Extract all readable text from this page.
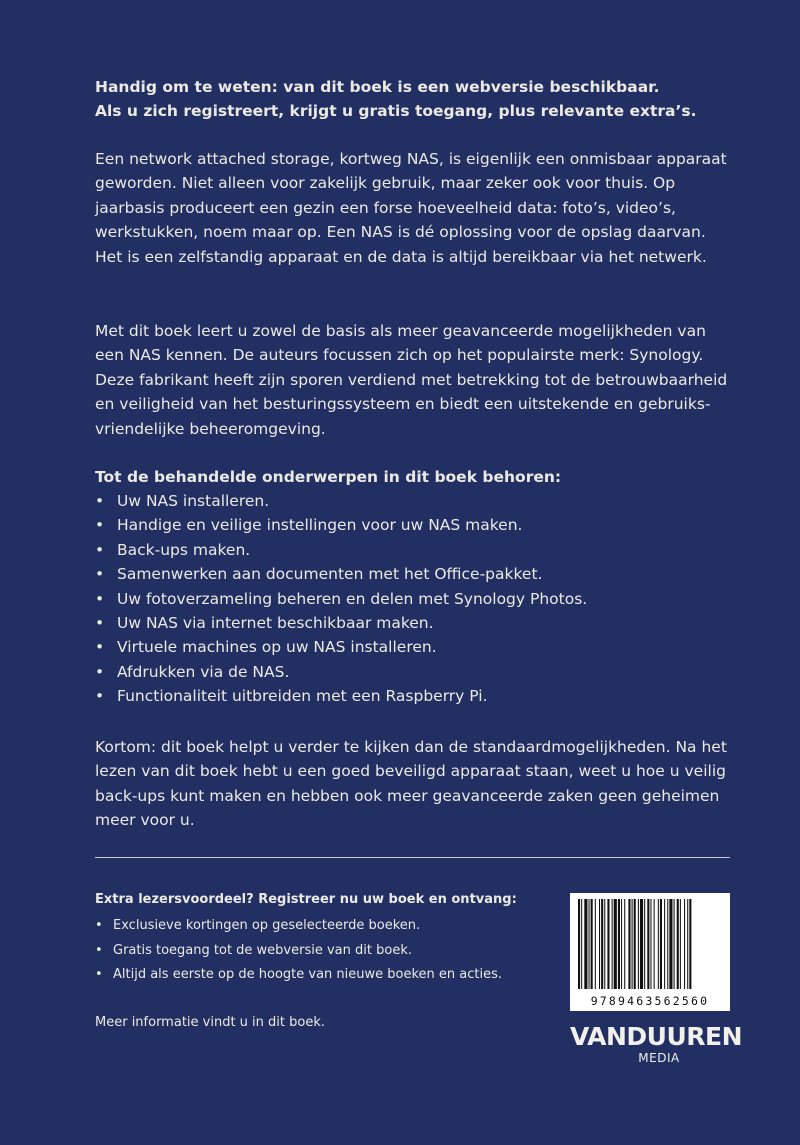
Handig om te weten: van dit boek is een webversie beschikbaar.
Als u zich registreert, krijgt u gratis toegang, plus relevante extra’s.

Een network attached storage, kortweg NAS, is eigenlijk een onmisbaar apparaat geworden. Niet alleen voor zakelijk gebruik, maar zeker ook voor thuis. Op jaarbasis produceert een gezin een forse hoeveelheid data: foto’s, video’s, werkstukken, noem maar op. Een NAS is dé oplossing voor de opslag daarvan. Het is een zelfstandig apparaat en de data is altijd bereikbaar via het netwerk.

Met dit boek leert u zowel de basis als meer geavanceerde mogelijkheden van een NAS kennen. De auteurs focussen zich op het populairste merk: Synology. Deze fabrikant heeft zijn sporen verdiend met betrekking tot de betrouwbaarheid en veiligheid van het besturingssysteem en biedt een uitstekende en gebruiks-vriendelijke beheeromgeving.

Tot de behandelde onderwerpen in dit boek behoren:

• Uw NAS installeren.
• Handige en veilige instellingen voor uw NAS maken.
• Back-ups maken.
• Samenwerken aan documenten met het Office-pakket.
• Uw fotoverzameling beheren en delen met Synology Photos.
• Uw NAS via internet beschikbaar maken.
• Virtuele machines op uw NAS installeren.
• Afdrukken via de NAS.
• Functionaliteit uitbreiden met een Raspberry Pi.

Kortom: dit boek helpt u verder te kijken dan de standaardmogelijkheden. Na het lezen van dit boek hebt u een goed beveiligd apparaat staan, weet u hoe u veilig back-ups kunt maken en hebben ook meer geavanceerde zaken geen geheimen meer voor u.

Extra lezersvoordeel? Registreer nu uw boek en ontvang:

• Exclusieve kortingen op geselecteerde boeken.
• Gratis toegang tot de webversie van dit boek.
• Altijd als eerste op de hoogte van nieuwe boeken en acties.

Meer informatie vindt u in dit boek.

9789463562560
VANDUUREN
MEDIA
